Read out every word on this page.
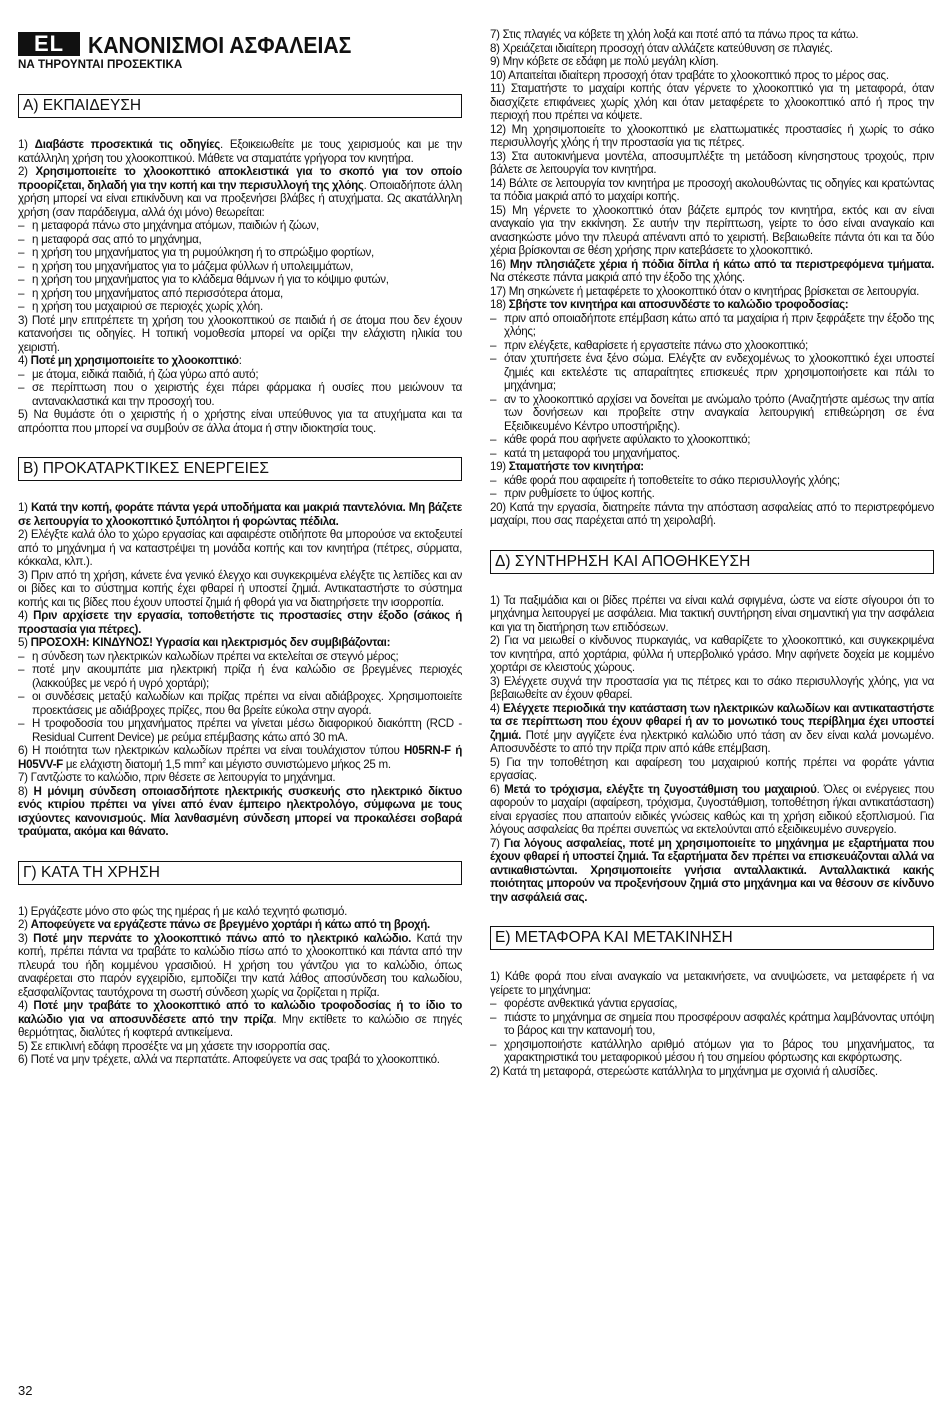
EL	ΚΑΝΟΝΙΣΜΟΙ ΑΣΦΑΛΕΙΑΣ
ΝΑ ΤΗΡΟΥΝΤΑΙ ΠΡΟΣΕΚΤΙΚΑ
Α) ΕΚΠΑΙΔΕΥΣΗ

1) Διαβάστε προσεκτικά τις οδηγίες. Εξοικειωθείτε με τους χειρισμούς και με την κατάλληλη χρήση του χλοοκοπτικού. Μάθετε να σταματάτε γρήγορα τον κινητήρα.

2) Χρησιμοποιείτε το χλοοκοπτικό αποκλειστικά για το σκοπό για τον οποίο προορίζεται, δηλαδή για την κοπή και την περισυλλογή της χλόης. Οποιαδήποτε άλλη χρήση μπορεί να είναι επικίνδυνη και να προξενήσει βλάβες ή ατυχήματα. Ως ακατάλληλη χρήση (σαν παράδειγμα, αλλά όχι μόνο) θεωρείται:

– η μεταφορά πάνω στο μηχάνημα ατόμων, παιδιών ή ζώων,

– η μεταφορά σας από το μηχάνημα,

– η χρήση του μηχανήματος για τη ρυμούλκηση ή το σπρώξιμο φορτίων,

– η χρήση του μηχανήματος για το μάζεμα φύλλων ή υπολειμμάτων,

– η χρήση του μηχανήματος για το κλάδεμα θάμνων ή για το κόψιμο φυτών,

– η χρήση του μηχανήματος από περισσότερα άτομα,

– η χρήση του μαχαιριού σε περιοχές χωρίς χλόη.

3) Ποτέ μην επιτρέπετε τη χρήση του χλοοκοπτικού σε παιδιά ή σε άτομα που δεν έχουν κατανοήσει τις οδηγίες. Η τοπική νομοθεσία μπορεί να ορίζει την ελάχιστη ηλικία του χειριστή.

4) Ποτέ μη χρησιμοποιείτε το χλοοκοπτικό:

– με άτομα, ειδικά παιδιά, ή ζώα γύρω από αυτό;

– σε περίπτωση που ο χειριστής έχει πάρει φάρμακα ή ουσίες που μειώνουν τα αντανακλαστικά και την προσοχή του.

5) Να θυμάστε ότι ο χειριστής ή ο χρήστης είναι υπεύθυνος για τα ατυχήματα και τα απρόοπτα που μπορεί να συμβούν σε άλλα άτομα ή στην ιδιοκτησία τους.

Β) ΠΡΟΚΑΤΑΡΚΤΙΚΕΣ ΕΝΕΡΓΕΙΕΣ

1) Κατά την κοπή, φοράτε πάντα γερά υποδήματα και μακριά παντελόνια. Μη βάζετε σε λειτουργία το χλοοκοπτικό ξυπόλητοι ή φορώντας πέδιλα.

2) Ελέγξτε καλά όλο το χώρο εργασίας και αφαιρέστε οτιδήποτε θα μπορούσε να εκτοξευτεί από το μηχάνημα ή να καταστρέψει τη μονάδα κοπής και τον κινητήρα (πέτρες, σύρματα, κόκκαλα, κλπ.).

3) Πριν από τη χρήση, κάνετε ένα γενικό έλεγχο και συγκεκριμένα ελέγξτε τις λεπίδες και αν οι βίδες και το σύστημα κοπής έχει φθαρεί ή υποστεί ζημιά. Αντικαταστήστε το σύστημα κοπής και τις βίδες που έχουν υποστεί ζημιά ή φθορά για να διατηρήσετε την ισορροπία.

4) Πριν αρχίσετε την εργασία, τοποθετήστε τις προστασίες στην έξοδο (σάκος ή προστασία για πέτρες).

5) ΠΡΟΣΟΧΗ: ΚΙΝΔΥΝΟΣ! Υγρασία και ηλεκτρισμός δεν συμβιβάζονται:

– η σύνδεση των ηλεκτρικών καλωδίων πρέπει να εκτελείται σε στεγνό μέρος;

– ποτέ μην ακουμπάτε μια ηλεκτρική πρίζα ή ένα καλώδιο σε βρεγμένες περιοχές (λακκούβες με νερό ή υγρό χορτάρι);

– οι συνδέσεις μεταξύ καλωδίων και πρίζας πρέπει να είναι αδιάβροχες. Χρησιμοποιείτε προεκτάσεις με αδιάβροχες πρίζες, που θα βρείτε εύκολα στην αγορά.

– Η τροφοδοσία του μηχανήματος πρέπει να γίνεται μέσω διαφορικού διακόπτη (RCD - Residual Current Device) με ρεύμα επέμβασης κάτω από 30 mA.

6) Η ποιότητα των ηλεκτρικών καλωδίων πρέπει να είναι τουλάχιστον τύπου H05RN-F ή H05VV-F με ελάχιστη διατομή 1,5 $mm^2$ και μέγιστο συνιστώμενο μήκος 25 m.

7) Γαντζώστε το καλώδιο, πριν θέσετε σε λειτουργία το μηχάνημα.

8) Η μόνιμη σύνδεση οποιασδήποτε ηλεκτρικής συσκευής στο ηλεκτρικό δίκτυο ενός κτιρίου πρέπει να γίνει από έναν έμπειρο ηλεκτρολόγο, σύμφωνα με τους ισχύοντες κανονισμούς. Μία λανθασμένη σύνδεση μπορεί να προκαλέσει σοβαρά τραύματα, ακόμα και θάνατο.

Γ) ΚΑΤΑ ΤΗ ΧΡΗΣΗ

1) Εργάζεστε μόνο στο φώς της ημέρας ή με καλό τεχνητό φωτισμό.

2) Αποφεύγετε να εργάζεστε πάνω σε βρεγμένο χορτάρι ή κάτω από τη βροχή.

3) Ποτέ μην περνάτε το χλοοκοπτικό πάνω από το ηλεκτρικό καλώδιο. Κατά την κοπή, πρέπει πάντα να τραβάτε το καλώδιο πίσω από το χλοοκοπτικό και πάντα από την πλευρά του ήδη κομμένου γρασιδιού. Η χρήση του γάντζου για το καλώδιο, όπως αναφέρεται στο παρόν εγχειρίδιο, εμποδίζει την κατά λάθος αποσύνδεση του καλωδίου, εξασφαλίζοντας ταυτόχρονα τη σωστή σύνδεση χωρίς να ζορίζεται η πρίζα.

4) Ποτέ μην τραβάτε το χλοοκοπτικό από το καλώδιο τροφοδοσίας ή το ίδιο το καλώδιο για να αποσυνδέσετε από την πρίζα. Μην εκτίθετε το καλώδιο σε πηγές θερμότητας, διαλύτες ή κοφτερά αντικείμενα.

5) Σε επικλινή εδάφη προσέξτε να μη χάσετε την ισορροπία σας.

6) Ποτέ να μην τρέχετε, αλλά να περπατάτε. Αποφεύγετε να σας τραβά το χλοοκοπτικό.

7) Στις πλαγιές να κόβετε τη χλόη λοξά και ποτέ από τα πάνω προς τα κάτω.

8) Χρειάζεται ιδιαίτερη προσοχή όταν αλλάζετε κατεύθυνση σε πλαγιές.

9) Μην κόβετε σε εδάφη με πολύ μεγάλη κλίση.

10) Απαιτείται ιδιαίτερη προσοχή όταν τραβάτε το χλοοκοπτικό προς το μέρος σας.

11) Σταματήστε το μαχαίρι κοπής όταν γέρνετε το χλοοκοπτικό για τη μεταφορά, όταν διασχίζετε επιφάνειες χωρίς χλόη και όταν μεταφέρετε το χλοοκοπτικό από ή προς την περιοχή που πρέπει να κόψετε.

12) Μη χρησιμοποιείτε το χλοοκοπτικό με ελαττωματικές προστασίες ή χωρίς το σάκο περισυλλογής χλόης ή την προστασία για τις πέτρες.

13) Στα αυτοκινήμενα μοντέλα, αποσυμπλέξτε τη μετάδοση κίνησηστους τροχούς, πριν βάλετε σε λειτουργία τον κινητήρα.

14) Βάλτε σε λειτουργία τον κινητήρα με προσοχή ακολουθώντας τις οδηγίες και κρατώντας τα πόδια μακριά από το μαχαίρι κοπής.

15) Μη γέρνετε το χλοοκοπτικό όταν βάζετε εμπρός τον κινητήρα, εκτός και αν είναι αναγκαίο για την εκκίνηση. Σε αυτήν την περίπτωση, γείρτε το όσο είναι αναγκαίο και ανασηκώστε μόνο την πλευρά απέναντι από το χειριστή. Βεβαιωθείτε πάντα ότι και τα δύο χέρια βρίσκονται σε θέση χρήσης πριν κατεβάσετε το χλοοκοπτικό.

16) Μην πλησιάζετε χέρια ή πόδια δίπλα ή κάτω από τα περιστρεφόμενα τμήματα. Να στέκεστε πάντα μακριά από την έξοδο της χλόης.

17) Μη σηκώνετε ή μεταφέρετε το χλοοκοπτικό όταν ο κινητήρας βρίσκεται σε λειτουργία.

18) Σβήστε τον κινητήρα και αποσυνδέστε το καλώδιο τροφοδοσίας:

– πριν από οποιαδήποτε επέμβαση κάτω από τα μαχαίρια ή πριν ξεφράξετε την έξοδο της χλόης;

– πριν ελέγξετε, καθαρίσετε ή εργαστείτε πάνω στο χλοοκοπτικό;

– όταν χτυπήσετε ένα ξένο σώμα. Ελέγξτε αν ενδεχομένως το χλοοκοπτικό έχει υποστεί ζημιές και εκτελέστε τις απαραίτητες επισκευές πριν χρησιμοποιήσετε και πάλι το μηχάνημα;

– αν το χλοοκοπτικό αρχίσει να δονείται με ανώμαλο τρόπο (Αναζητήστε αμέσως την αιτία των δονήσεων και προβείτε στην αναγκαία λειτουργική επιθεώρηση σε ένα Εξειδικευμένο Κέντρο υποστήριξης).

– κάθε φορά που αφήνετε αφύλακτο το χλοοκοπτικό;

– κατά τη μεταφορά του μηχανήματος.

19) Σταματήστε τον κινητήρα:

– κάθε φορά που αφαιρείτε ή τοποθετείτε το σάκο περισυλλογής χλόης;

– πριν ρυθμίσετε το ύψος κοπής.

20) Κατά την εργασία, διατηρείτε πάντα την απόσταση ασφαλείας από το περιστρεφόμενο μαχαίρι, που σας παρέχεται από τη χειρολαβή.

Δ) ΣΥΝΤΗΡΗΣΗ ΚΑΙ ΑΠΟΘΗΚΕΥΣΗ

1) Τα παξιμάδια και οι βίδες πρέπει να είναι καλά σφιγμένα, ώστε να είστε σίγουροι ότι το μηχάνημα λειτουργεί με ασφάλεια. Μια τακτική συντήρηση είναι σημαντική για την ασφάλεια και για τη διατήρηση των επιδόσεων.

2) Για να μειωθεί ο κίνδυνος πυρκαγιάς, να καθαρίζετε το χλοοκοπτικό, και συγκεκριμένα τον κινητήρα, από χορτάρια, φύλλα ή υπερβολικό γράσο. Μην αφήνετε δοχεία με κομμένο χορτάρι σε κλειστούς χώρους.

3) Ελέγχετε συχνά την προστασία για τις πέτρες και το σάκο περισυλλογής χλόης, για να βεβαιωθείτε αν έχουν φθαρεί.

4) Ελέγχετε περιοδικά την κατάσταση των ηλεκτρικών καλωδίων και αντικαταστήστε τα σε περίπτωση που έχουν φθαρεί ή αν το μονωτικό τους περίβλημα έχει υποστεί ζημιά. Ποτέ μην αγγίζετε ένα ηλεκτρικό καλώδιο υπό τάση αν δεν είναι καλά μονωμένο. Αποσυνδέστε το από την πρίζα πριν από κάθε επέμβαση.

5) Για την τοποθέτηση και αφαίρεση του μαχαιριού κοπής πρέπει να φοράτε γάντια εργασίας.

6) Μετά το τρόχισμα, ελέγξτε τη ζυγοστάθμιση του μαχαιριού. Όλες οι ενέργειες που αφορούν το μαχαίρι (αφαίρεση, τρόχισμα, ζυγοστάθμιση, τοποθέτηση ή/και αντικατάσταση) είναι εργασίες που απαιτούν ειδικές γνώσεις καθώς και τη χρήση ειδικού εξοπλισμού. Για λόγους ασφαλείας θα πρέπει συνεπώς να εκτελούνται από εξειδικευμένο συνεργείο.

7) Για λόγους ασφαλείας, ποτέ μη χρησιμοποιείτε το μηχάνημα με εξαρτήματα που έχουν φθαρεί ή υποστεί ζημιά. Τα εξαρτήματα δεν πρέπει να επισκευάζονται αλλά να αντικαθιστώνται. Χρησιμοποιείτε γνήσια ανταλλακτικά. Ανταλλακτικά κακής ποιότητας μπορούν να προξενήσουν ζημιά στο μηχάνημα και να θέσουν σε κίνδυνο την ασφάλειά σας.

Ε) ΜΕΤΑΦΟΡΑ ΚΑΙ ΜΕΤΑΚΙΝΗΣΗ

1) Κάθε φορά που είναι αναγκαίο να μετακινήσετε, να ανυψώσετε, να μεταφέρετε ή να γείρετε το μηχάνημα:

– φορέστε ανθεκτικά γάντια εργασίας,

– πιάστε το μηχάνημα σε σημεία που προσφέρουν ασφαλές κράτημα λαμβάνοντας υπόψη το βάρος και την κατανομή του,

– χρησιμοποιήστε κατάλληλο αριθμό ατόμων για το βάρος του μηχανήματος, τα χαρακτηριστικά του μεταφορικού μέσου ή του σημείου φόρτωσης και εκφόρτωσης.

2) Κατά τη μεταφορά, στερεώστε κατάλληλα το μηχάνημα με σχοινιά ή αλυσίδες.

32
